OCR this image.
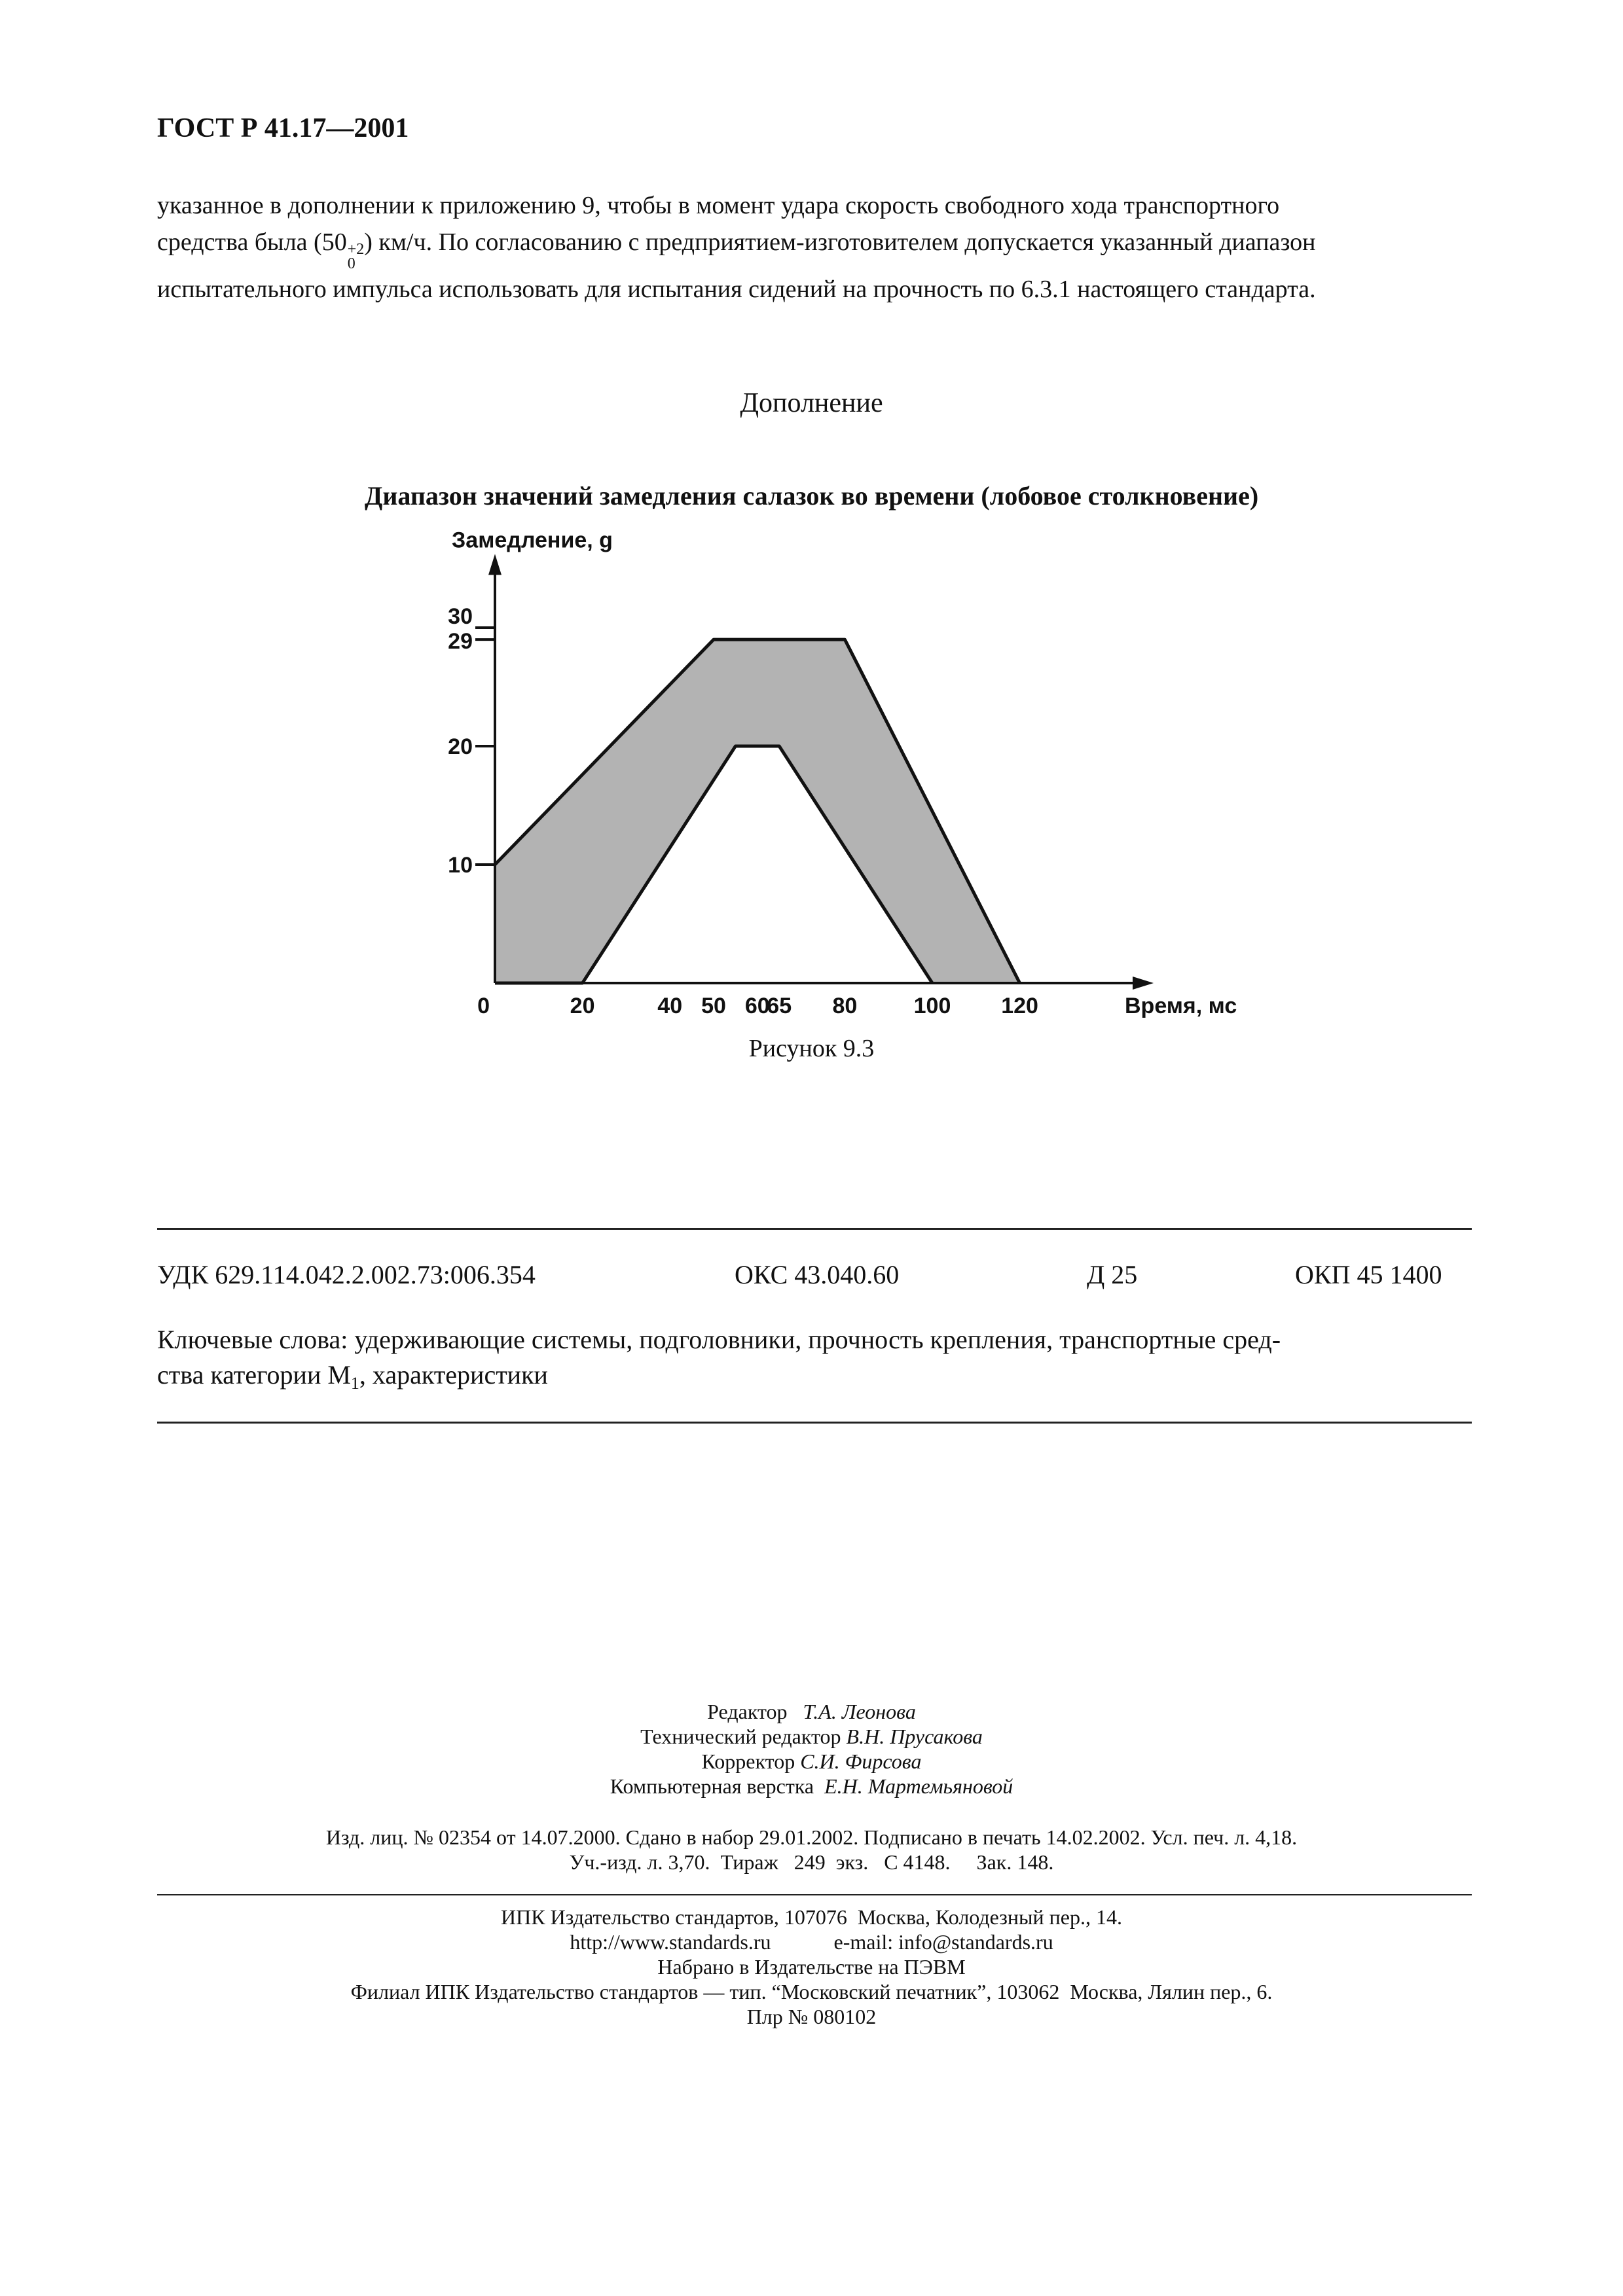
ГОСТ Р 41.17—2001
указанное в дополнении к приложению 9, чтобы в момент удара скорость свободного хода транспортного
средства была (50 +2
0
) км/ч. По согласованию с предприятием-изготовителем допускается указанный диапазон
испытательного импульса использовать для испытания сидений на прочность по 6.3.1 настоящего стандарта.
Дополнение
Диапазон значений замедления салазок во времени (лобовое столкновение)
10
20
29
30
0	20	40 50 60
65 80	100 120
Замедление, g
Время, мс
Рисунок 9.3
УДК 629.114.042.2.002.73:006.354	ОКС 43.040.60	Д 25	ОКП 45 1400
Ключевые слова: удерживающие системы, подголовники, прочность крепления, транспортные сред-
ства категории $М_1$, характеристики
Редактор Т.А. Леонова
Технический редактор В.Н. Прусакова
Корректор С.И. Фирсова
Компьютерная верстка Е.Н. Мартемьяновой
Изд. лиц. № 02354 от 14.07.2000. Сдано в набор 29.01.2002. Подписано в печать 14.02.2002. Усл. печ. л. 4,18.
Уч.-изд. л. 3,70.  Тираж   249  экз.   С 4148.     Зак. 148.
ИПК Издательство стандартов, 107076  Москва, Колодезный пер., 14.
http://www.standards.ru            e-mail: info@standards.ru
Набрано в Издательстве на ПЭВМ
Филиал ИПК Издательство стандартов — тип. “Московский печатник”, 103062  Москва, Лялин пер., 6.
Плр № 080102
